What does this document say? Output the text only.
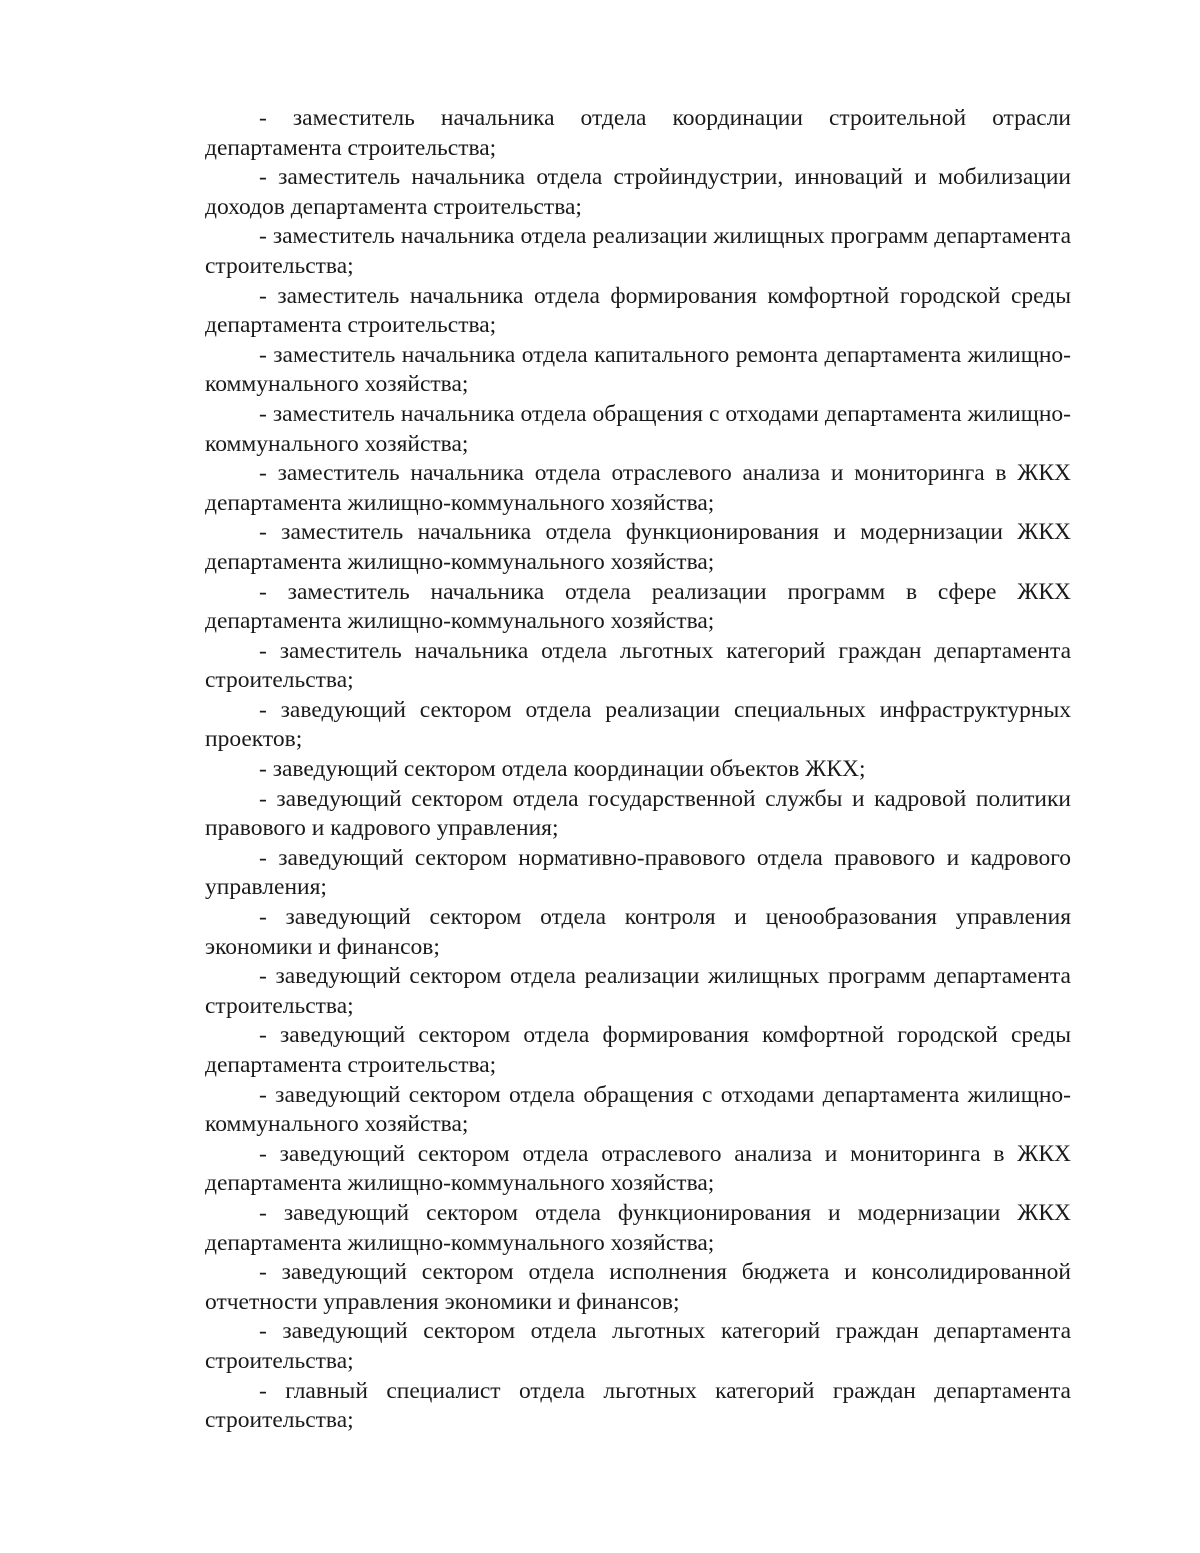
- заместитель начальника отдела координации строительной отрасли департамента строительства;

- заместитель начальника отдела стройиндустрии, инноваций и мобилизации доходов департамента строительства;

- заместитель начальника отдела реализации жилищных программ департамента строительства;

- заместитель начальника отдела формирования комфортной городской среды департамента строительства;

- заместитель начальника отдела капитального ремонта департамента жилищно-коммунального хозяйства;

- заместитель начальника отдела обращения с отходами департамента жилищно-коммунального хозяйства;

- заместитель начальника отдела отраслевого анализа и мониторинга в ЖКХ департамента жилищно-коммунального хозяйства;

- заместитель начальника отдела функционирования и модернизации ЖКХ департамента жилищно-коммунального хозяйства;

- заместитель начальника отдела реализации программ в сфере ЖКХ департамента жилищно-коммунального хозяйства;

- заместитель начальника отдела льготных категорий граждан департамента строительства;

- заведующий сектором отдела реализации специальных инфраструктурных проектов;

- заведующий сектором отдела координации объектов ЖКХ;

- заведующий сектором отдела государственной службы и кадровой политики правового и кадрового управления;

- заведующий сектором нормативно-правового отдела правового и кадрового управления;

- заведующий сектором отдела контроля и ценообразования управления экономики и финансов;

- заведующий сектором отдела реализации жилищных программ департамента строительства;

- заведующий сектором отдела формирования комфортной городской среды департамента строительства;

- заведующий сектором отдела обращения с отходами департамента жилищно-коммунального хозяйства;

- заведующий сектором отдела отраслевого анализа и мониторинга в ЖКХ департамента жилищно-коммунального хозяйства;

- заведующий сектором отдела функционирования и модернизации ЖКХ департамента жилищно-коммунального хозяйства;

- заведующий сектором отдела исполнения бюджета и консолидированной отчетности управления экономики и финансов;

- заведующий сектором отдела льготных категорий граждан департамента строительства;

- главный специалист отдела льготных категорий граждан департамента строительства;
